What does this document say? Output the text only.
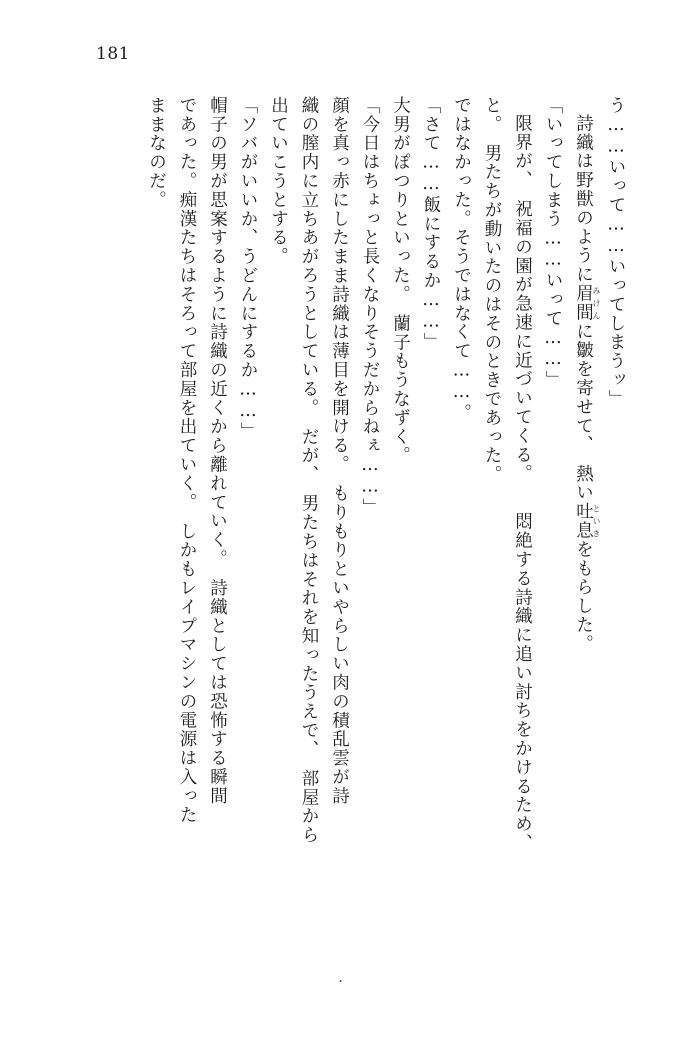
181

う……いって……いってしまうッ」

詩織は野獣のように眉間みけんに皺を寄せて、　熱い吐息といきをもらした。

「いってしまう……いって……」

限界が、　祝福の園が急速に近づいてくる。　　悶絶する詩織に追い討ちをかけるため、

と。　男たちが動いたのはそのときであった。

ではなかった。そうではなくて……。

「さて……飯にするか……」

大男がぽつりといった。　蘭子もうなずく。

「今日はちょっと長くなりそうだからねぇ……」

顔を真っ赤にしたまま詩織は薄目を開ける。　もりもりといやらしい肉の積乱雲が詩

織の膣内に立ちあがろうとしている。　だが、　男たちはそれを知ったうえで、　部屋から

出ていこうとする。

「ソバがいいか、うどんにするか……」

帽子の男が思案するように詩織の近くから離れていく。　詩織としては恐怖する瞬間

であった。痴漢たちはそろって部屋を出ていく。　しかもレイプマシンの電源は入った

ままなのだ。

・
